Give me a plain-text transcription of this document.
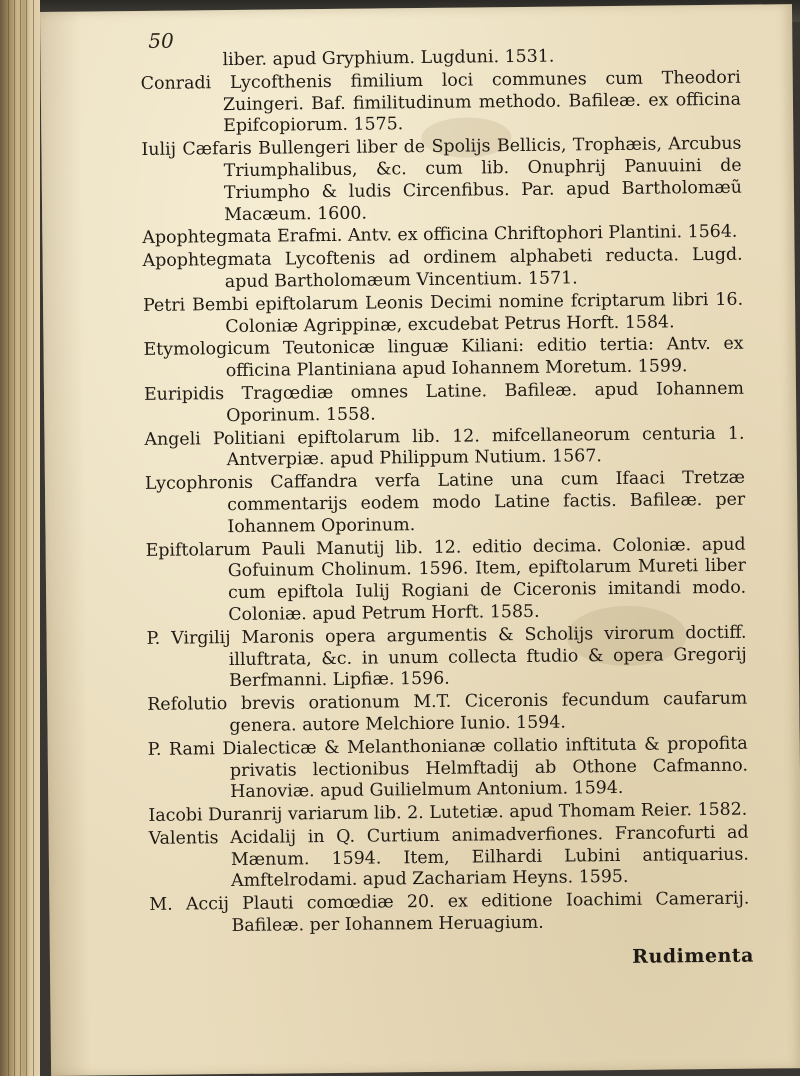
50

liber. apud Gryphium. Lugduni. 1531.

Conradi Lycofthenis fimilium loci communes cum Theodori Zuingeri. Baf. fimilitudinum methodo. Bafileæ. ex officina Epifcopiorum. 1575.

Iulij Cæfaris Bullengeri liber de Spolijs Bellicis, Trophæis, Arcubus Triumphalibus, &c. cum lib. Onuphrij Panuuini de Triumpho & ludis Circenfibus. Par. apud Bartholomæũ Macæum. 1600.

Apophtegmata Erafmi. Antv. ex officina Chriftophori Plantini. 1564.

Apophtegmata Lycoftenis ad ordinem alphabeti reducta. Lugd. apud Bartholomæum Vincentium. 1571.

Petri Bembi epiftolarum Leonis Decimi nomine fcriptarum libri 16. Coloniæ Agrippinæ, excudebat Petrus Horft. 1584.

Etymologicum Teutonicæ linguæ Kiliani: editio tertia: Antv. ex officina Plantiniana apud Iohannem Moretum. 1599.

Euripidis Tragœdiæ omnes Latine. Bafileæ. apud Iohannem Oporinum. 1558.

Angeli Politiani epiftolarum lib. 12. mifcellaneorum centuria 1. Antverpiæ. apud Philippum Nutium. 1567.

Lycophronis Caffandra verfa Latine una cum Ifaaci Tretzæ commentarijs eodem modo Latine factis. Bafileæ. per Iohannem Oporinum.

Epiftolarum Pauli Manutij lib. 12. editio decima. Coloniæ. apud Gofuinum Cholinum. 1596. Item, epiftolarum Mureti liber cum epiftola Iulij Rogiani de Ciceronis imitandi modo. Coloniæ. apud Petrum Horft. 1585.

P. Virgilij Maronis opera argumentis & Scholijs virorum doctiff. illuftrata, &c. in unum collecta ftudio & opera Gregorij Berfmanni. Lipfiæ. 1596.

Refolutio brevis orationum M.T. Ciceronis fecundum caufarum genera. autore Melchiore Iunio. 1594.

P. Rami Dialecticæ & Melanthonianæ collatio inftituta & propofita privatis lectionibus Helmftadij ab Othone Cafmanno. Hanoviæ. apud Guilielmum Antonium. 1594.

Iacobi Duranrij variarum lib. 2. Lutetiæ. apud Thomam Reier. 1582.

Valentis Acidalij in Q. Curtium animadverfiones. Francofurti ad Mænum. 1594. Item, Eilhardi Lubini antiquarius. Amftelrodami. apud Zachariam Heyns. 1595.

M. Accij Plauti comœdiæ 20. ex editione Ioachimi Camerarij. Bafileæ. per Iohannem Heruagium.

Rudimenta
